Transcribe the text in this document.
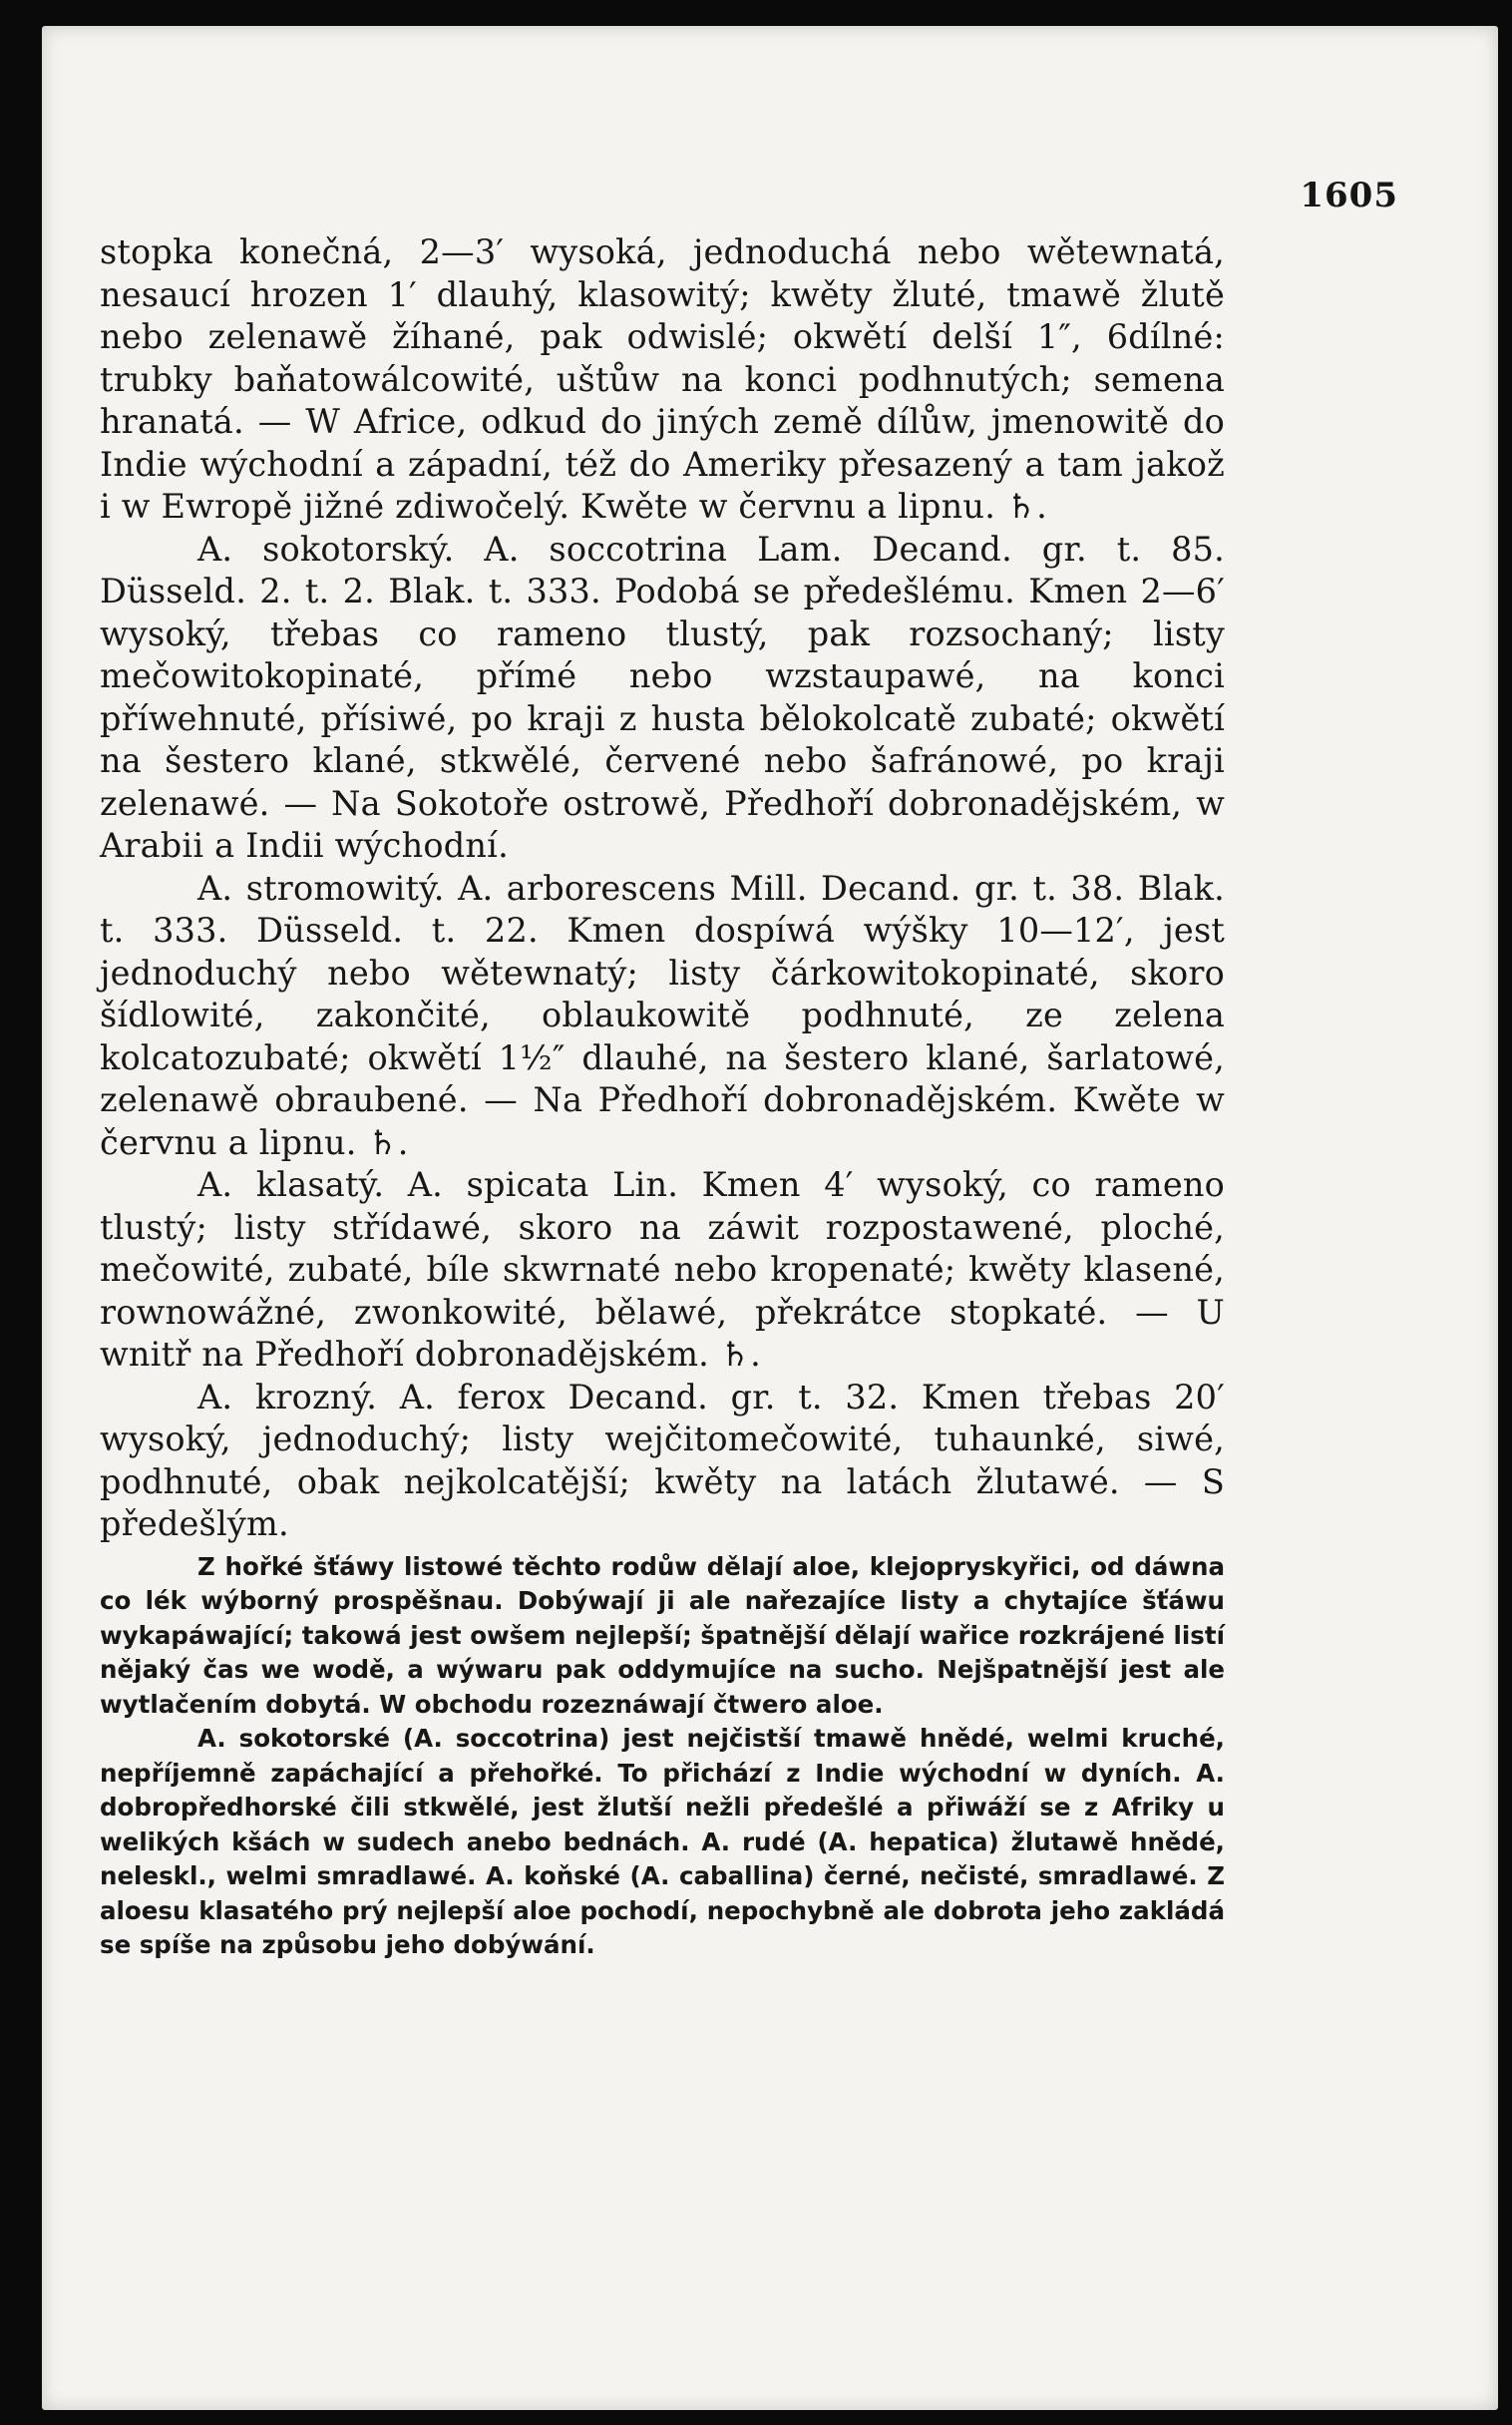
1605

stopka konečná, 2—3′ wysoká, jednoduchá nebo wětewnatá, nesaucí hrozen 1′ dlauhý, klasowitý; kwěty žluté, tmawě žlutě nebo zelenawě žíhané, pak odwislé; okwětí delší 1″, 6dílné: trubky baňatowálcowité, uštůw na konci podhnutých; semena hranatá. — W Africe, odkud do jiných země dílůw, jmenowitě do Indie wýchodní a západní, též do Ameriky přesazený a tam jakož i w Ewropě jižné zdiwočelý. Kwěte w červnu a lipnu. ♄.

A. sokotorský. A. soccotrina Lam. Decand. gr. t. 85. Düsseld. 2. t. 2. Blak. t. 333. Podobá se předešlému. Kmen 2—6′ wysoký, třebas co rameno tlustý, pak rozsochaný; listy mečowitokopinaté, přímé nebo wzstaupawé, na konci příwehnuté, přísiwé, po kraji z husta bělokolcatě zubaté; okwětí na šestero klané, stkwělé, červené nebo šafránowé, po kraji zelenawé. — Na Sokotoře ostrowě, Předhoří dobronadějském, w Arabii a Indii wýchodní.

A. stromowitý. A. arborescens Mill. Decand. gr. t. 38. Blak. t. 333. Düsseld. t. 22. Kmen dospíwá wýšky 10—12′, jest jednoduchý nebo wětewnatý; listy čárkowitokopinaté, skoro šídlowité, zakončité, oblaukowitě podhnuté, ze zelena kolcatozubaté; okwětí 1½″ dlauhé, na šestero klané, šarlatowé, zelenawě obraubené. — Na Předhoří dobronadějském. Kwěte w červnu a lipnu. ♄.

A. klasatý. A. spicata Lin. Kmen 4′ wysoký, co rameno tlustý; listy střídawé, skoro na záwit rozpostawené, ploché, mečowité, zubaté, bíle skwrnaté nebo kropenaté; kwěty klasené, rownowážné, zwonkowité, bělawé, překrátce stopkaté. — U wnitř na Předhoří dobronadějském. ♄.

A. krozný. A. ferox Decand. gr. t. 32. Kmen třebas 20′ wysoký, jednoduchý; listy wejčitomečowité, tuhaunké, siwé, podhnuté, obak nejkolcatější; kwěty na latách žlutawé. — S předešlým.

Z hořké šťáwy listowé těchto rodůw dělají aloe, klejopryskyřici, od dáwna co lék wýborný prospěšnau. Dobýwají ji ale nařezajíce listy a chytajíce šťáwu wykapáwající; takowá jest owšem nejlepší; špatnější dělají wařice rozkrájené listí nějaký čas we wodě, a wýwaru pak oddymujíce na sucho. Nejšpatnější jest ale wytlačením dobytá. W obchodu rozeznáwají čtwero aloe.

A. sokotorské (A. soccotrina) jest nejčistší tmawě hnědé, welmi kruché, nepříjemně zapáchající a přehořké. To přichází z Indie wýchodní w dyních. A. dobropředhorské čili stkwělé, jest žlutší nežli předešlé a přiwáží se z Afriky u welikých kšách w sudech anebo bednách. A. rudé (A. hepatica) žlutawě hnědé, neleskl., welmi smradlawé. A. koňské (A. caballina) černé, nečisté, smradlawé. Z aloesu klasatého prý nejlepší aloe pochodí, nepochybně ale dobrota jeho zakládá se spíše na způsobu jeho dobýwání.
